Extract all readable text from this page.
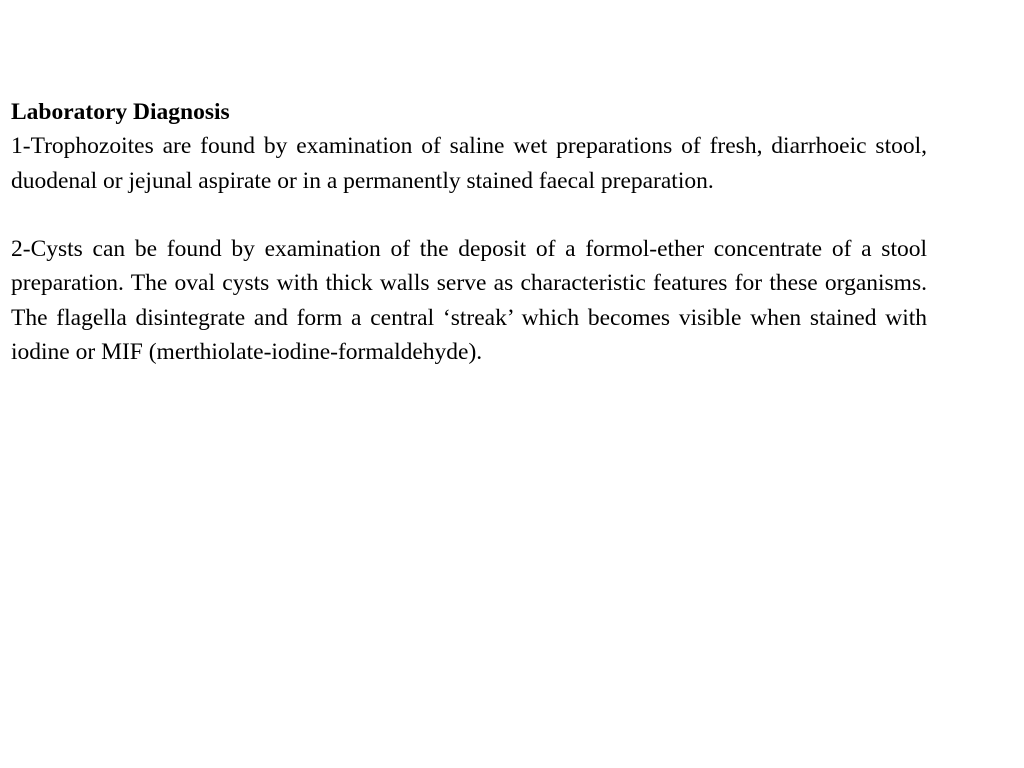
Laboratory Diagnosis

1-Trophozoites are found by examination of saline wet preparations of fresh, diarrhoeic stool, duodenal or jejunal aspirate or in a permanently stained faecal preparation.

2-Cysts can be found by examination of the deposit of a formol-ether concentrate of a stool preparation. The oval cysts with thick walls serve as characteristic features for these organisms. The flagella disintegrate and form a central ‘streak’ which becomes visible when stained with iodine or MIF (merthiolate-iodine-formaldehyde).
